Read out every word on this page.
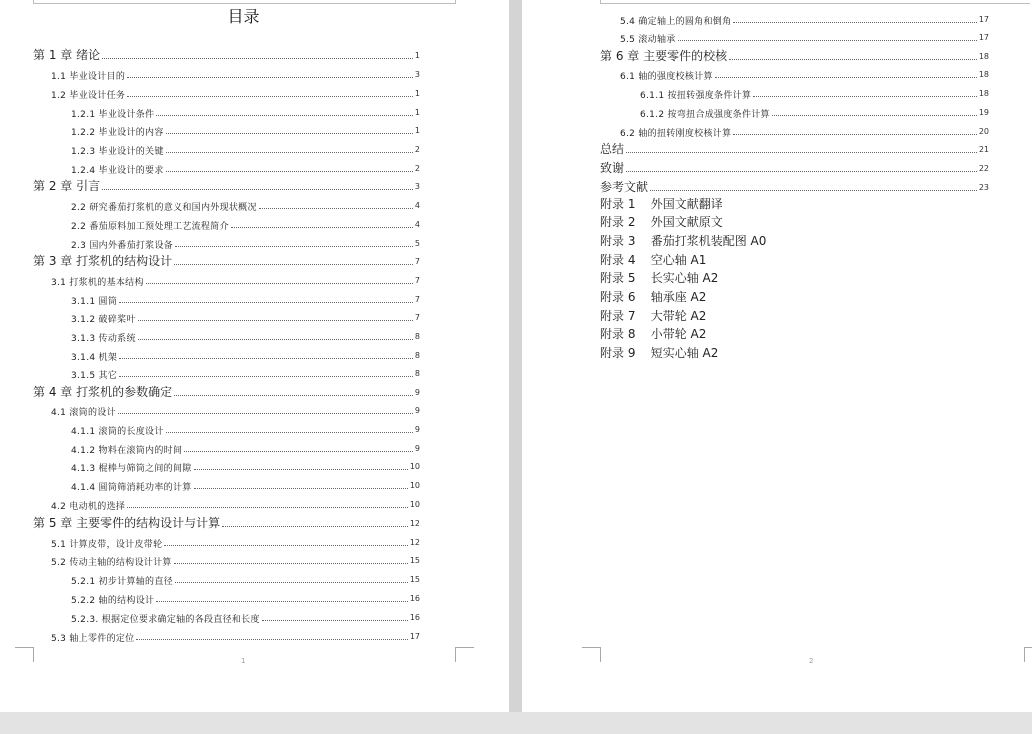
目录
1
第 1 章 绪论	1
1.1 毕业设计目的	3
1.2 毕业设计任务	1
1.2.1 毕业设计条件	1
1.2.2 毕业设计的内容	1
1.2.3 毕业设计的关键	2
1.2.4 毕业设计的要求	2
第 2 章 引言	3
2.2 研究番茄打浆机的意义和国内外现状概况	4
2.2 番茄原料加工预处理工艺流程简介	4
2.3 国内外番茄打浆设备	5
第 3 章 打浆机的结构设计	7
3.1 打浆机的基本结构	7
3.1.1 圆筒	7
3.1.2 破碎桨叶	7
3.1.3 传动系统	8
3.1.4 机架	8
3.1.5 其它	8
第 4 章 打浆机的参数确定	9
4.1 滚筒的设计	9
4.1.1 滚筒的长度设计	9
4.1.2 物料在滚筒内的时间	9
4.1.3 棍棒与筛筒之间的间隙	10
4.1.4 圆筒筛消耗功率的计算	10
4.2 电动机的选择	10
第 5 章 主要零件的结构设计与计算	12
5.1 计算皮带，设计皮带轮	12
5.2 传动主轴的结构设计计算	15
5.2.1 初步计算轴的直径	15
5.2.2 轴的结构设计	16
5.2.3. 根据定位要求确定轴的各段直径和长度	16
5.3 轴上零件的定位	17
2
5.4 确定轴上的圆角和倒角	17
5.5 滚动轴承	17
第 6 章 主要零件的校核	18
6.1 轴的强度校核计算	18
6.1.1 按扭转强度条件计算	18
6.1.2 按弯扭合成强度条件计算	19
6.2 轴的扭转刚度校核计算	20
总结	21
致谢	22
参考文献	23
附录 1    外国文献翻译
附录 2    外国文献原文
附录 3    番茄打浆机装配图 A0
附录 4    空心轴 A1
附录 5    长实心轴 A2
附录 6    轴承座 A2
附录 7    大带轮 A2
附录 8    小带轮 A2
附录 9    短实心轴 A2
